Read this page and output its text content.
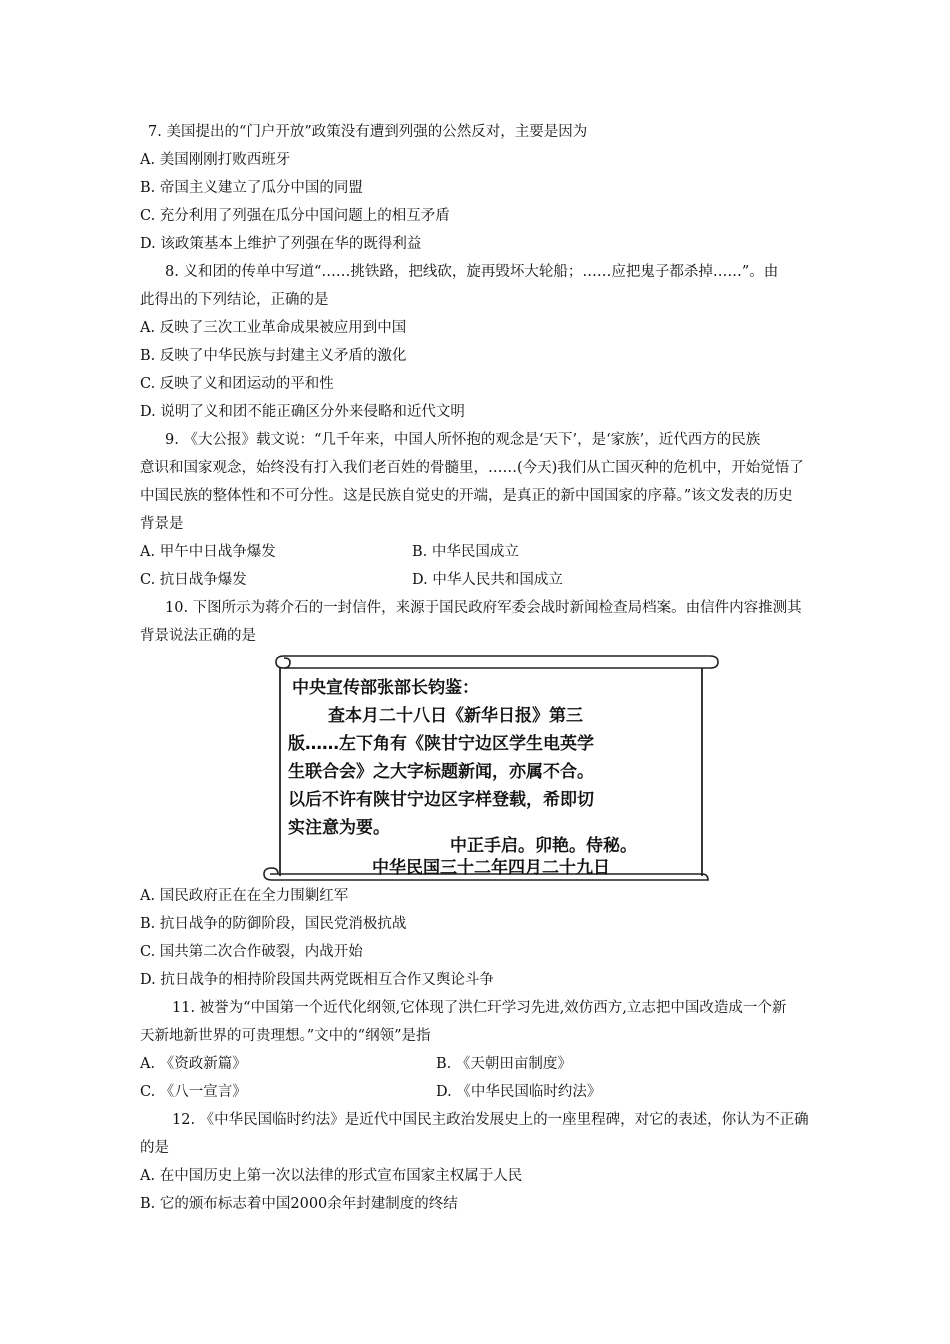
7. 美国提出的“门户开放”政策没有遭到列强的公然反对，主要是因为
A. 美国刚刚打败西班牙
B. 帝国主义建立了瓜分中国的同盟
C. 充分利用了列强在瓜分中国问题上的相互矛盾
D. 该政策基本上维护了列强在华的既得利益
8. 义和团的传单中写道“……挑铁路，把线砍，旋再毁坏大轮船；……应把鬼子都杀掉……”。由
此得出的下列结论，正确的是
A. 反映了三次工业革命成果被应用到中国
B. 反映了中华民族与封建主义矛盾的激化
C. 反映了义和团运动的平和性
D. 说明了义和团不能正确区分外来侵略和近代文明
9. 《大公报》载文说：“几千年来，中国人所怀抱的观念是‘天下’，是‘家族’，近代西方的民族
意识和国家观念，始终没有打入我们老百姓的骨髓里，……(今天)我们从亡国灭种的危机中，开始觉悟了
中国民族的整体性和不可分性。这是民族自觉史的开端，是真正的新中国国家的序幕。”该文发表的历史
背景是
A. 甲午中日战争爆发	B. 中华民国成立
C. 抗日战争爆发	D. 中华人民共和国成立
10. 下图所示为蒋介石的一封信件，来源于国民政府军委会战时新闻检查局档案。由信件内容推测其
背景说法正确的是
中央宣传部张部长钧鉴：
查本月二十八日《新华日报》第三
版……左下角有《陕甘宁边区学生电英学
生联合会》之大字标题新闻，亦属不合。
以后不许有陕甘宁边区字样登载，希即切
实注意为要。
中正手启。卯艳。侍秘。
中华民国三十二年四月二十九日
A. 国民政府正在在全力围剿红军
B. 抗日战争的防御阶段，国民党消极抗战
C. 国共第二次合作破裂，内战开始
D. 抗日战争的相持阶段国共两党既相互合作又舆论斗争
11. 被誉为“中国第一个近代化纲领,它体现了洪仁玕学习先进,效仿西方,立志把中国改造成一个新
天新地新世界的可贵理想。”文中的“纲领”是指
A. 《资政新篇》	B. 《天朝田亩制度》
C. 《八一宣言》	D. 《中华民国临时约法》
12. 《中华民国临时约法》是近代中国民主政治发展史上的一座里程碑，对它的表述，你认为不正确
的是
A. 在中国历史上第一次以法律的形式宣布国家主权属于人民
B. 它的颁布标志着中国2000余年封建制度的终结
